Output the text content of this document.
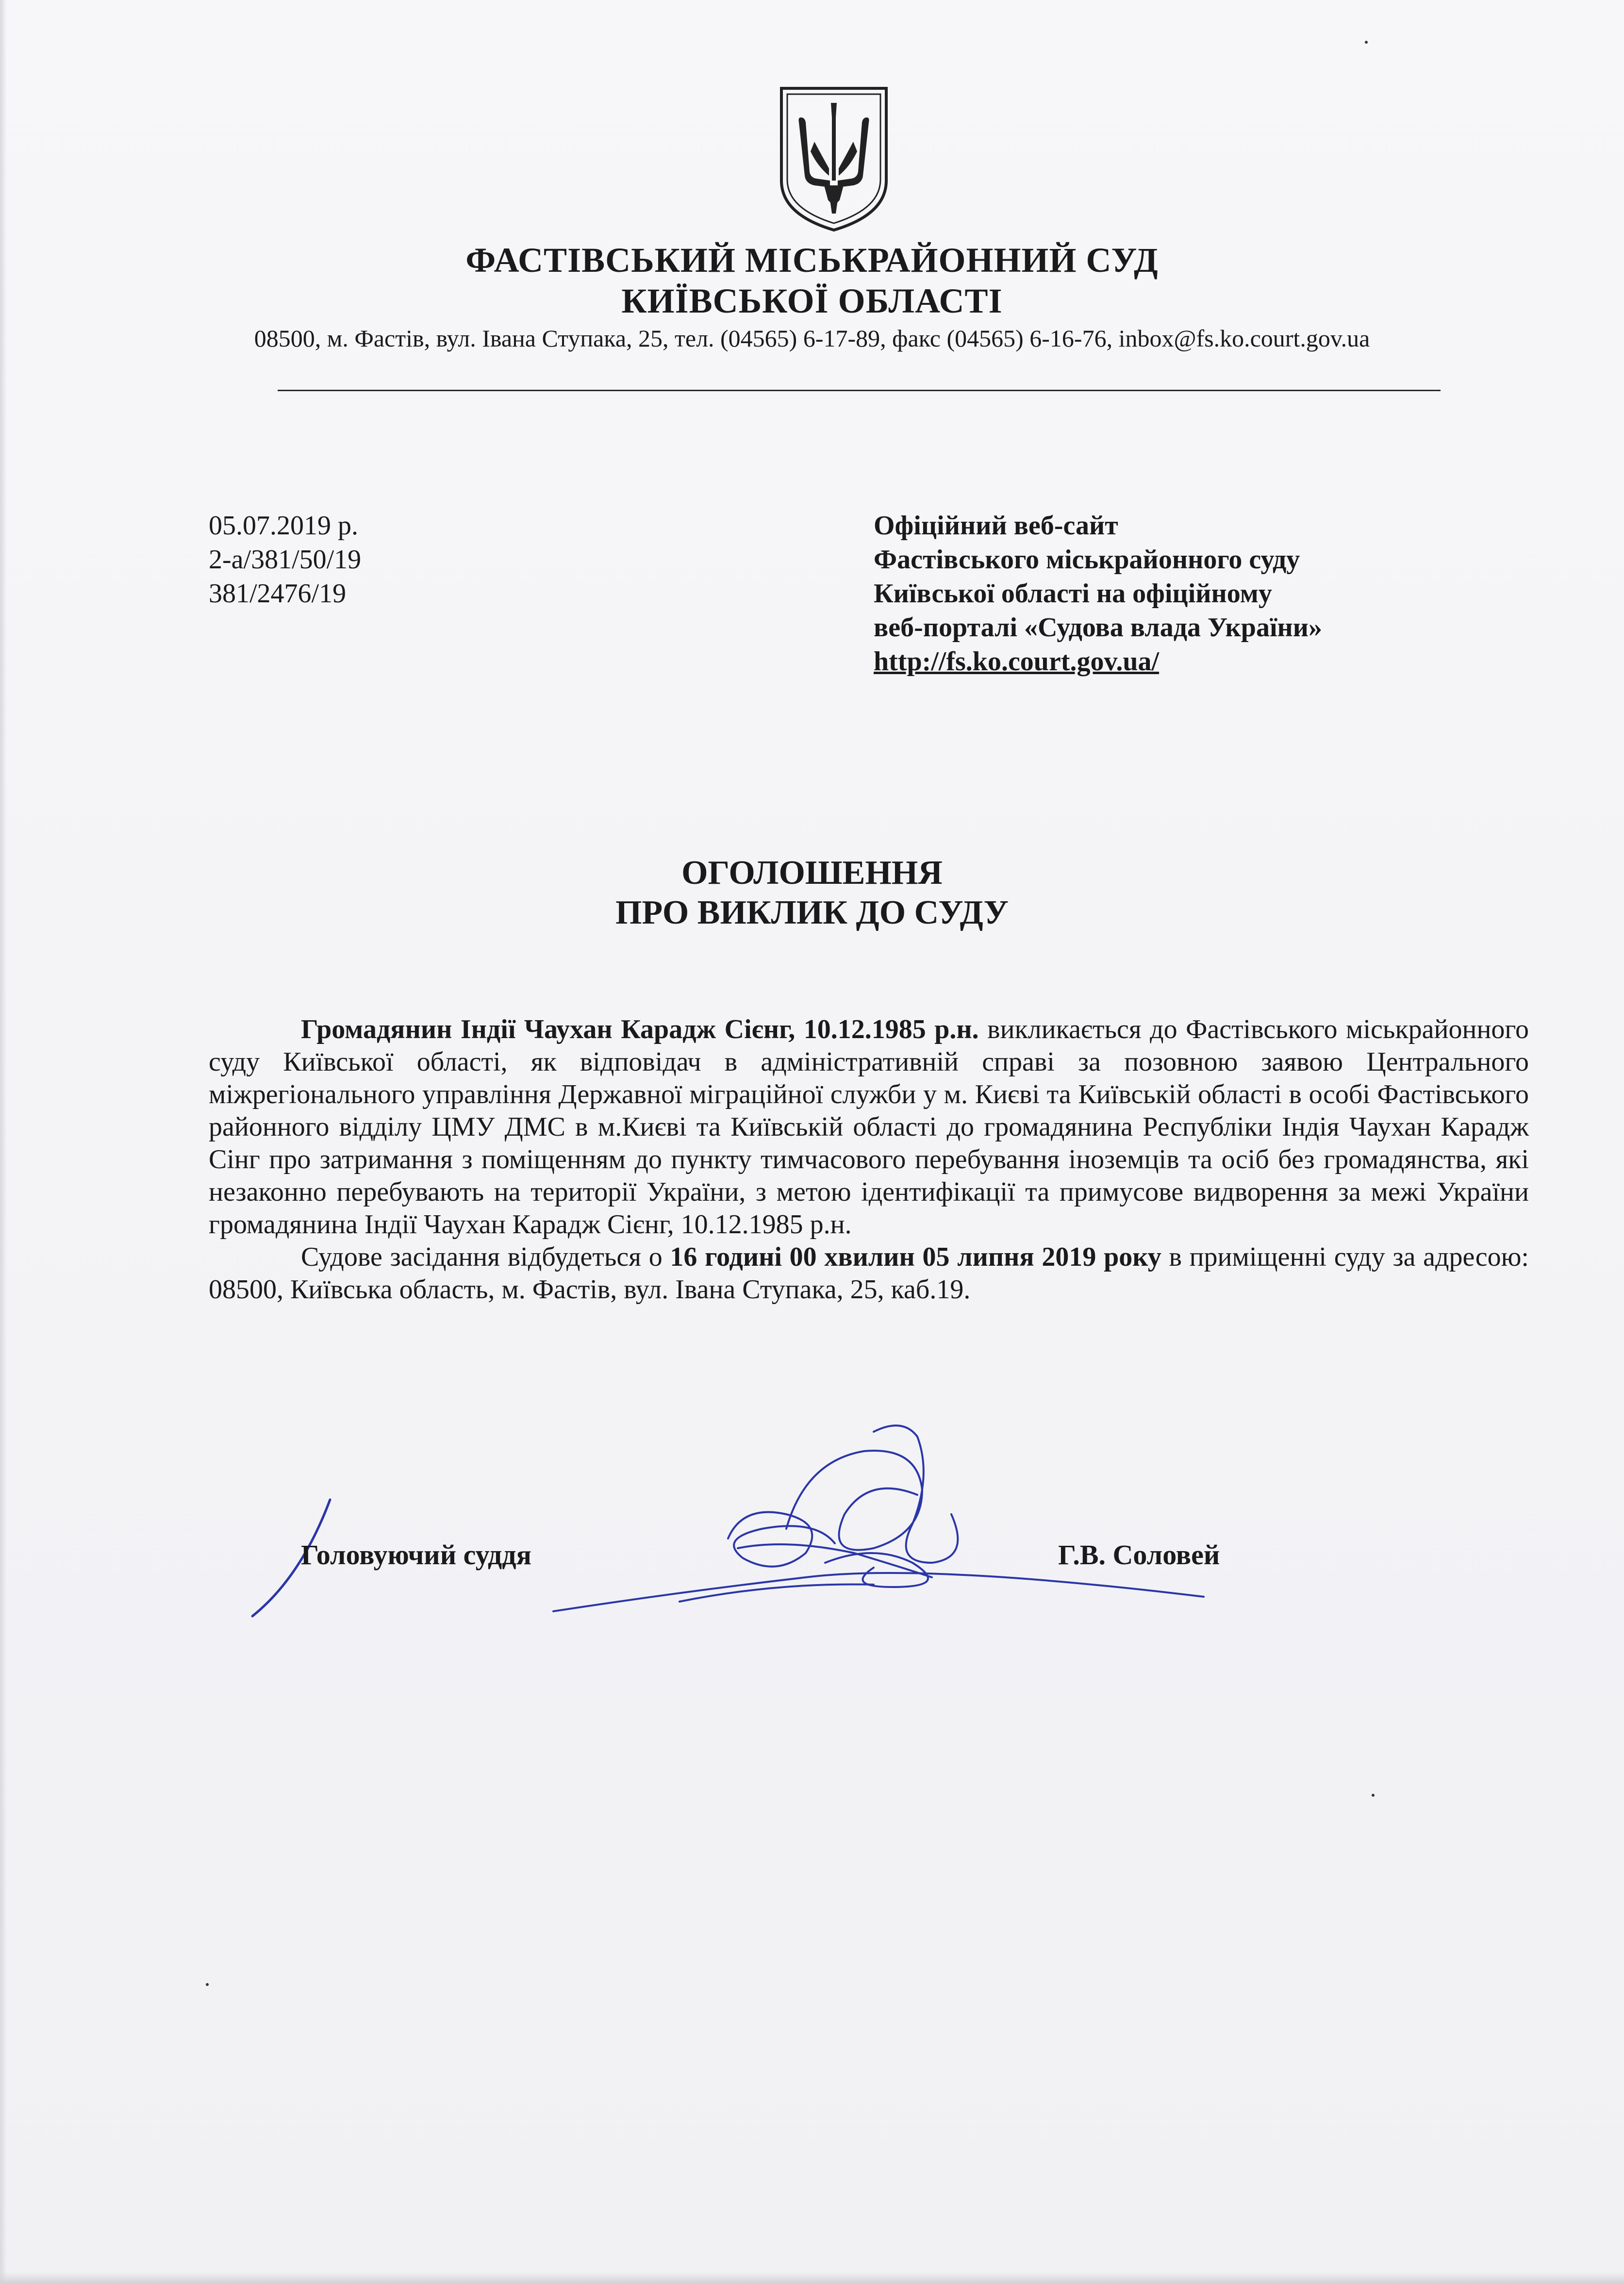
ФАСТІВСЬКИЙ МІСЬКРАЙОННИЙ СУД
КИЇВСЬКОЇ ОБЛАСТІ
08500, м. Фастів, вул. Івана Ступака, 25, тел. (04565) 6-17-89, факс (04565) 6-16-76, inbox@fs.ko.court.gov.ua
05.07.2019 р.
2-а/381/50/19
381/2476/19
Офіційний веб-сайт
Фастівського міськрайонного суду
Київської області на офіційному
веб-порталі «Судова влада України»
http://fs.ko.court.gov.ua/
ОГОЛОШЕННЯ
ПРО ВИКЛИК ДО СУДУ

Громадянин Індії Чаухан Карадж Сієнг, 10.12.1985 р.н. викликається до Фастівського міськрайонного суду Київської області, як відповідач в адміністративній справі за позовною заявою Центрального міжрегіонального управління Державної міграційної служби у м. Києві та Київській області в особі Фастівського районного відділу ЦМУ ДМС в м.Києві та Київській області до громадянина Республіки Індія Чаухан Карадж Сінг про затримання з поміщенням до пункту тимчасового перебування іноземців та осіб без громадянства, які незаконно перебувають на території України, з метою ідентифікації та примусове видворення за межі України громадянина Індії Чаухан Карадж Сієнг, 10.12.1985 р.н.

Судове засідання відбудеться о 16 годині 00 хвилин 05 липня 2019 року в приміщенні суду за адресою: 08500, Київська область, м. Фастів, вул. Івана Ступака, 25, каб.19.

Головуючий суддя	Г.В. Соловей
